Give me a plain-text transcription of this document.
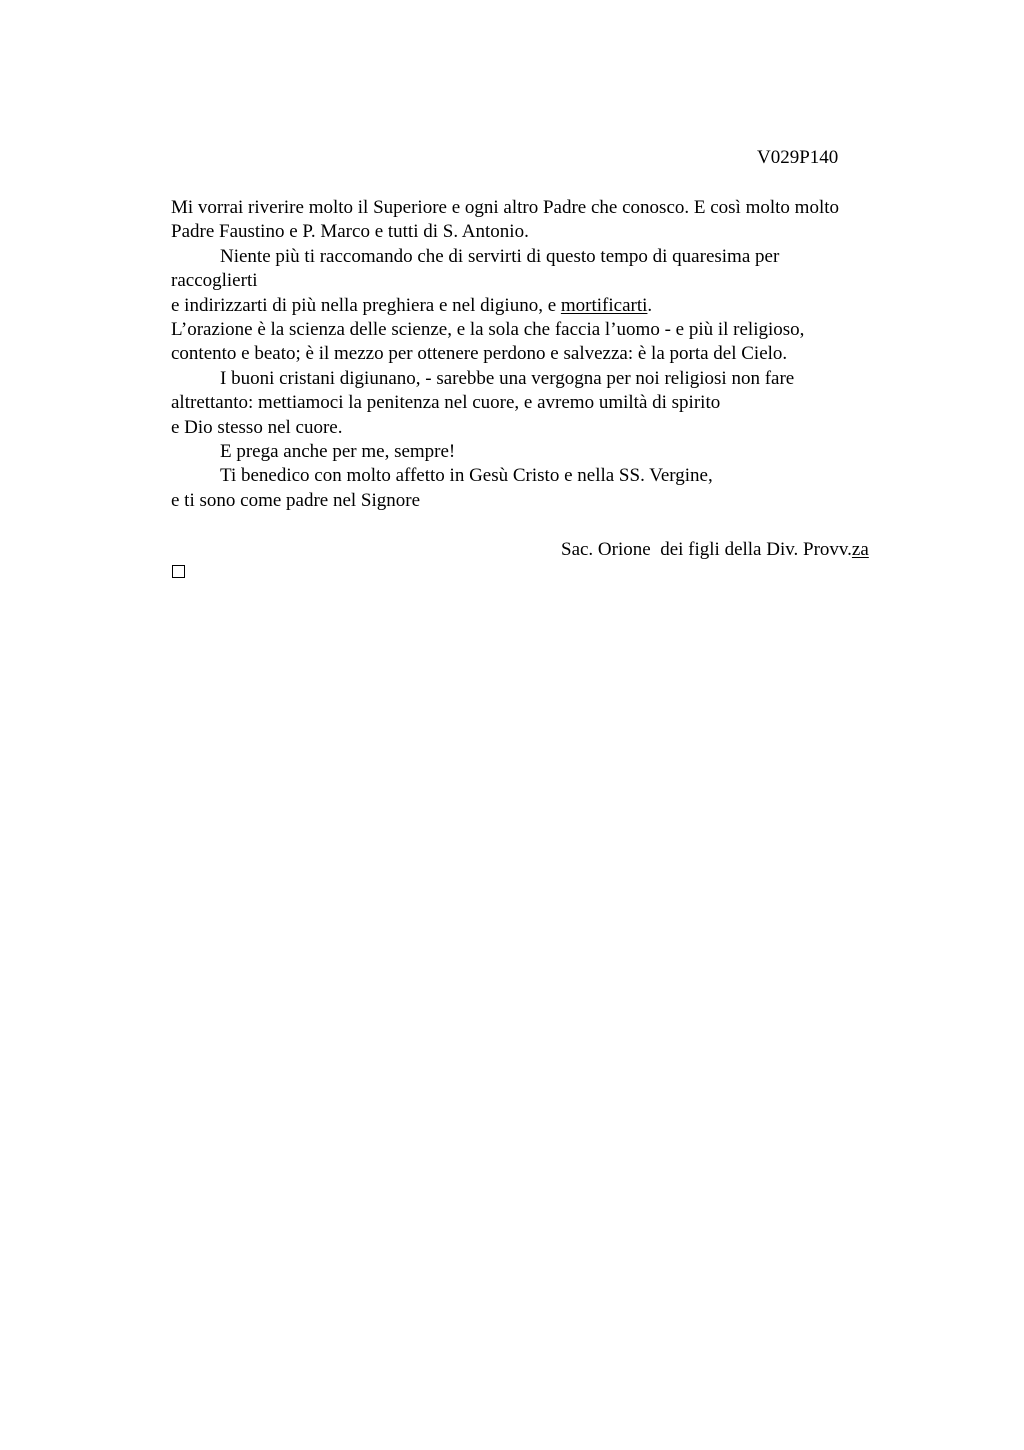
V029P140
Mi vorrai riverire molto il Superiore e ogni altro Padre che conosco. E così molto molto
Padre Faustino e P. Marco e tutti di S. Antonio.
Niente più ti raccomando che di servirti di questo tempo di quaresima per
raccoglierti
e indirizzarti di più nella preghiera e nel digiuno, e mortificarti.
L’orazione è la scienza delle scienze, e la sola che faccia l’uomo - e più il religioso,
contento e beato; è il mezzo per ottenere perdono e salvezza: è la porta del Cielo.
I buoni cristani digiunano, - sarebbe una vergogna per noi religiosi non fare
altrettanto: mettiamoci la penitenza nel cuore, e avremo umiltà di spirito
e Dio stesso nel cuore.
E prega anche per me, sempre!
Ti benedico con molto affetto in Gesù Cristo e nella SS. Vergine,
e ti sono come padre nel Signore
Sac. Orione  dei figli della Div. Provv.za
